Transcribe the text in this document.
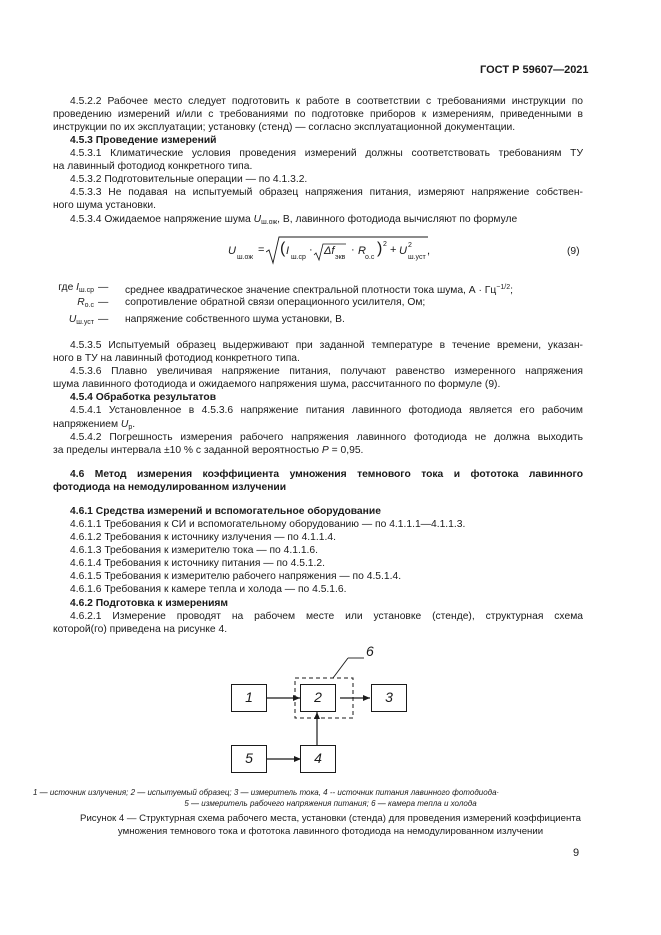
ГОСТ Р 59607—2021
4.5.2.2 Рабочее место следует подготовить к работе в соответствии с требованиями инструкции по
проведению измерений и/или с требованиями по подготовке приборов к измерениям, приведенными в
инструкции по их эксплуатации; установку (стенд) — согласно эксплуатационной документации.
4.5.3 Проведение измерений
4.5.3.1 Климатические условия проведения измерений должны соответствовать требованиям ТУ
на лавинный фотодиод конкретного типа.
4.5.3.2 Подготовительные операции — по 4.1.3.2.
4.5.3.3 Не подавая на испытуемый образец напряжения питания, измеряют напряжение собствен-
ного шума установки.
4.5.3.4 Ожидаемое напряжение шума $U_{ш.ож}$, В, лавинного фотодиода вычисляют по формуле
U
ш.ож
= ( I
ш.ср
· Δf
экв
· R
о.с
) 2 + U 2
ш.уст
,	(9)
где $I_{ш.ср}$ — среднее квадратическое значение спектральной плотности тока шума, $А \cdot Гц^{-1/2}$;
$R_{о.с}$ — сопротивление обратной связи операционного усилителя, Ом;
$U_{ш.уст}$ — напряжение собственного шума установки, В.
4.5.3.5 Испытуемый образец выдерживают при заданной температуре в течение времени, указан-
ного в ТУ на лавинный фотодиод конкретного типа.
4.5.3.6 Плавно увеличивая напряжение питания, получают равенство измеренного напряжения
шума лавинного фотодиода и ожидаемого напряжения шума, рассчитанного по формуле (9).
4.5.4 Обработка результатов
4.5.4.1 Установленное в 4.5.3.6 напряжение питания лавинного фотодиода является его рабочим
напряжением $U_р$.
4.5.4.2 Погрешность измерения рабочего напряжения лавинного фотодиода не должна выходить
за пределы интервала ±10 % с заданной вероятностью P = 0,95.
4.6 Метод измерения коэффициента умножения темнового тока и фототока лавинного
фотодиода на немодулированном излучении
4.6.1 Средства измерений и вспомогательное оборудование
4.6.1.1 Требования к СИ и вспомогательному оборудованию — по 4.1.1.1—4.1.1.3.
4.6.1.2 Требования к источнику излучения — по 4.1.1.4.
4.6.1.3 Требования к измерителю тока — по 4.1.1.6.
4.6.1.4 Требования к источнику питания — по 4.5.1.2.
4.6.1.5 Требования к измерителю рабочего напряжения — по 4.5.1.4.
4.6.1.6 Требования к камере тепла и холода — по 4.5.1.6.
4.6.2 Подготовка к измерениям
4.6.2.1 Измерение проводят на рабочем месте или установке (стенде), структурная схема
которой(го) приведена на рисунке 4.
1	2	3
4
5
6
1 — источник излучения; 2 — испытуемый образец; 3 — измеритель тока, 4 -- источник питания лавинного фотодиода·
5 — измеритель рабочего напряжения питания; 6 — камера тепла и холода
Рисунок 4 — Структурная схема рабочего места, установки (стенда) для проведения измерений коэффициента
умножения темнового тока и фототока лавинного фотодиода на немодулированном излучении
9
